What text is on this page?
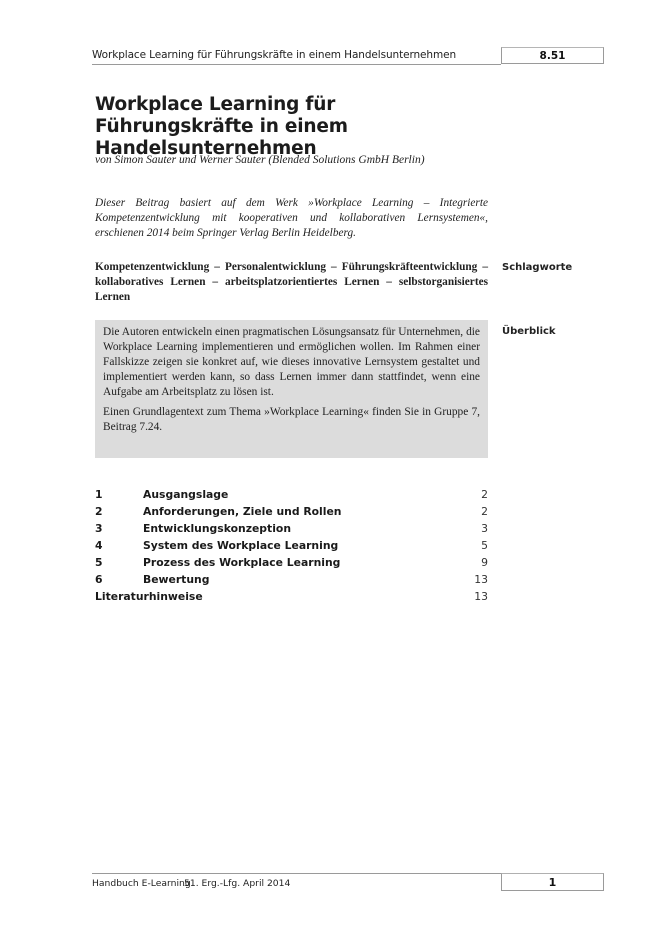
Workplace Learning für Führungskräfte in einem Handelsunternehmen	8.51
Workplace Learning für Führungskräfte in einem Handelsunternehmen
von Simon Sauter und Werner Sauter (Blended Solutions GmbH Berlin)

Dieser Beitrag basiert auf dem Werk »Workplace Learning – Integrierte Kompetenzentwicklung mit kooperativen und kollaborativen Lernsystemen«, erschienen 2014 beim Springer Verlag Berlin Heidelberg.

Kompetenzentwicklung – Personalentwicklung – Führungskräfteentwicklung – kollaboratives Lernen – arbeitsplatzorientiertes Lernen – selbstorganisiertes Lernen

Schlagworte

Die Autoren entwickeln einen pragmatischen Lösungsansatz für Unternehmen, die Workplace Learning implementieren und ermöglichen wollen. Im Rahmen einer Fallskizze zeigen sie konkret auf, wie dieses innovative Lernsystem gestaltet und implementiert werden kann, so dass Lernen immer dann stattfindet, wenn eine Aufgabe am Arbeitsplatz zu lösen ist.

Einen Grundlagentext zum Thema »Workplace Learning« finden Sie in Gruppe 7, Beitrag 7.24.

Überblick
1	Ausgangslage	2
2	Anforderungen, Ziele und Rollen	2
3	Entwicklungskonzeption	3
4	System des Workplace Learning	5
5	Prozess des Workplace Learning	9
6	Bewertung	13
Literaturhinweise	13
Handbuch E-Learning
51. Erg.-Lfg. April 2014	1
